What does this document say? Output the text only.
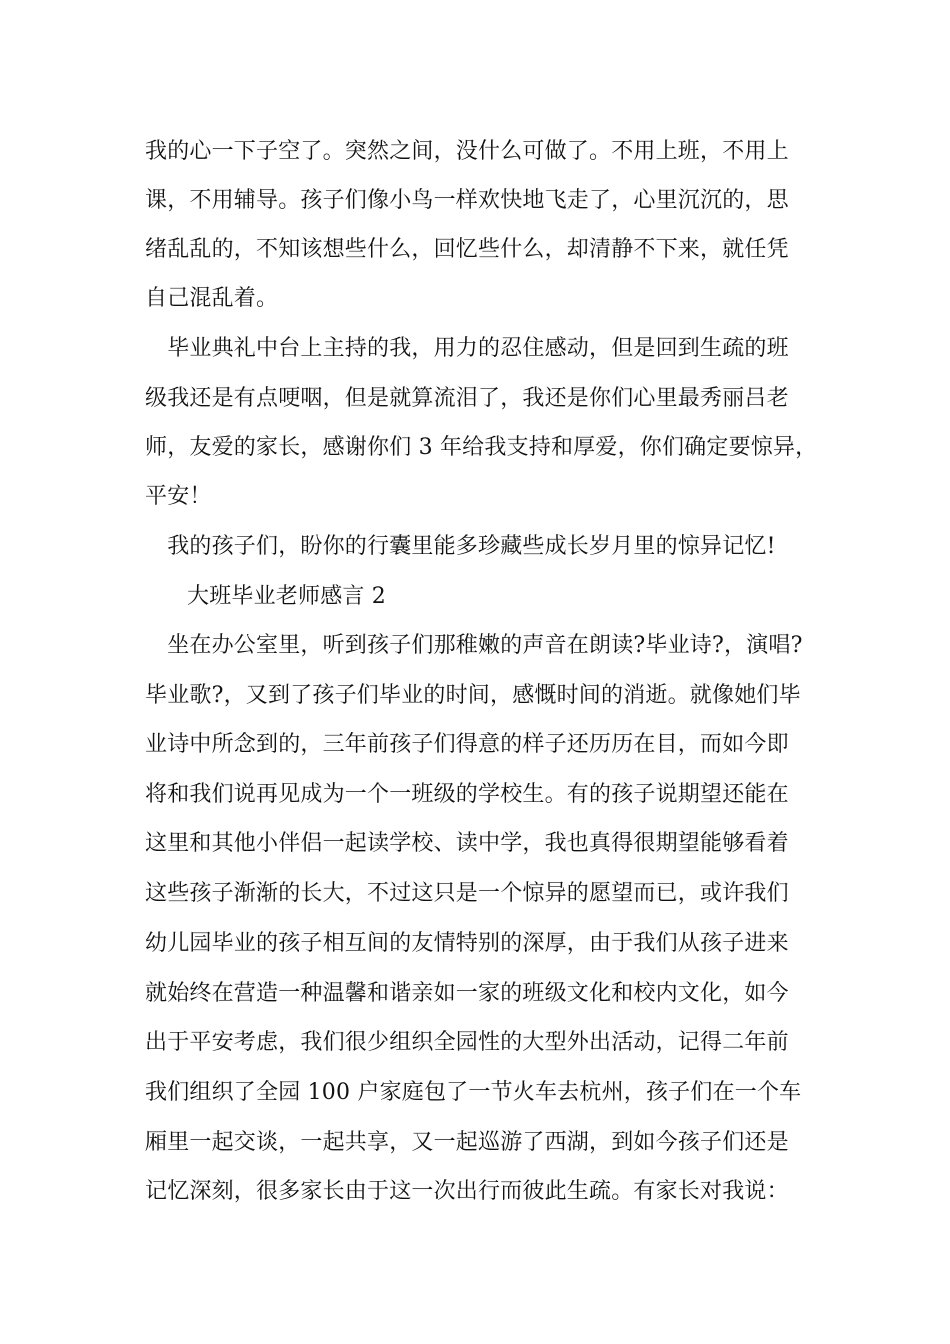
我的心一下子空了。突然之间，没什么可做了。不用上班，不用上
课，不用辅导。孩子们像小鸟一样欢快地飞走了，心里沉沉的，思
绪乱乱的，不知该想些什么，回忆些什么，却清静不下来，就任凭
自己混乱着。
　毕业典礼中台上主持的我，用力的忍住感动，但是回到生疏的班
级我还是有点哽咽，但是就算流泪了，我还是你们心里最秀丽吕老
师，友爱的家长，感谢你们 3 年给我支持和厚爱，你们确定要惊异，
平安！
　我的孩子们，盼你的行囊里能多珍藏些成长岁月里的惊异记忆!
大班毕业老师感言 2
　坐在办公室里，听到孩子们那稚嫩的声音在朗读?毕业诗?，演唱?
毕业歌?，又到了孩子们毕业的时间，感慨时间的消逝。就像她们毕
业诗中所念到的，三年前孩子们得意的样子还历历在目，而如今即
将和我们说再见成为一个一班级的学校生。有的孩子说期望还能在
这里和其他小伴侣一起读学校、读中学，我也真得很期望能够看着
这些孩子渐渐的长大，不过这只是一个惊异的愿望而已，或许我们
幼儿园毕业的孩子相互间的友情特别的深厚，由于我们从孩子进来
就始终在营造一种温馨和谐亲如一家的班级文化和校内文化，如今
出于平安考虑，我们很少组织全园性的大型外出活动，记得二年前
我们组织了全园 100 户家庭包了一节火车去杭州，孩子们在一个车
厢里一起交谈，一起共享，又一起巡游了西湖，到如今孩子们还是
记忆深刻，很多家长由于这一次出行而彼此生疏。有家长对我说：
